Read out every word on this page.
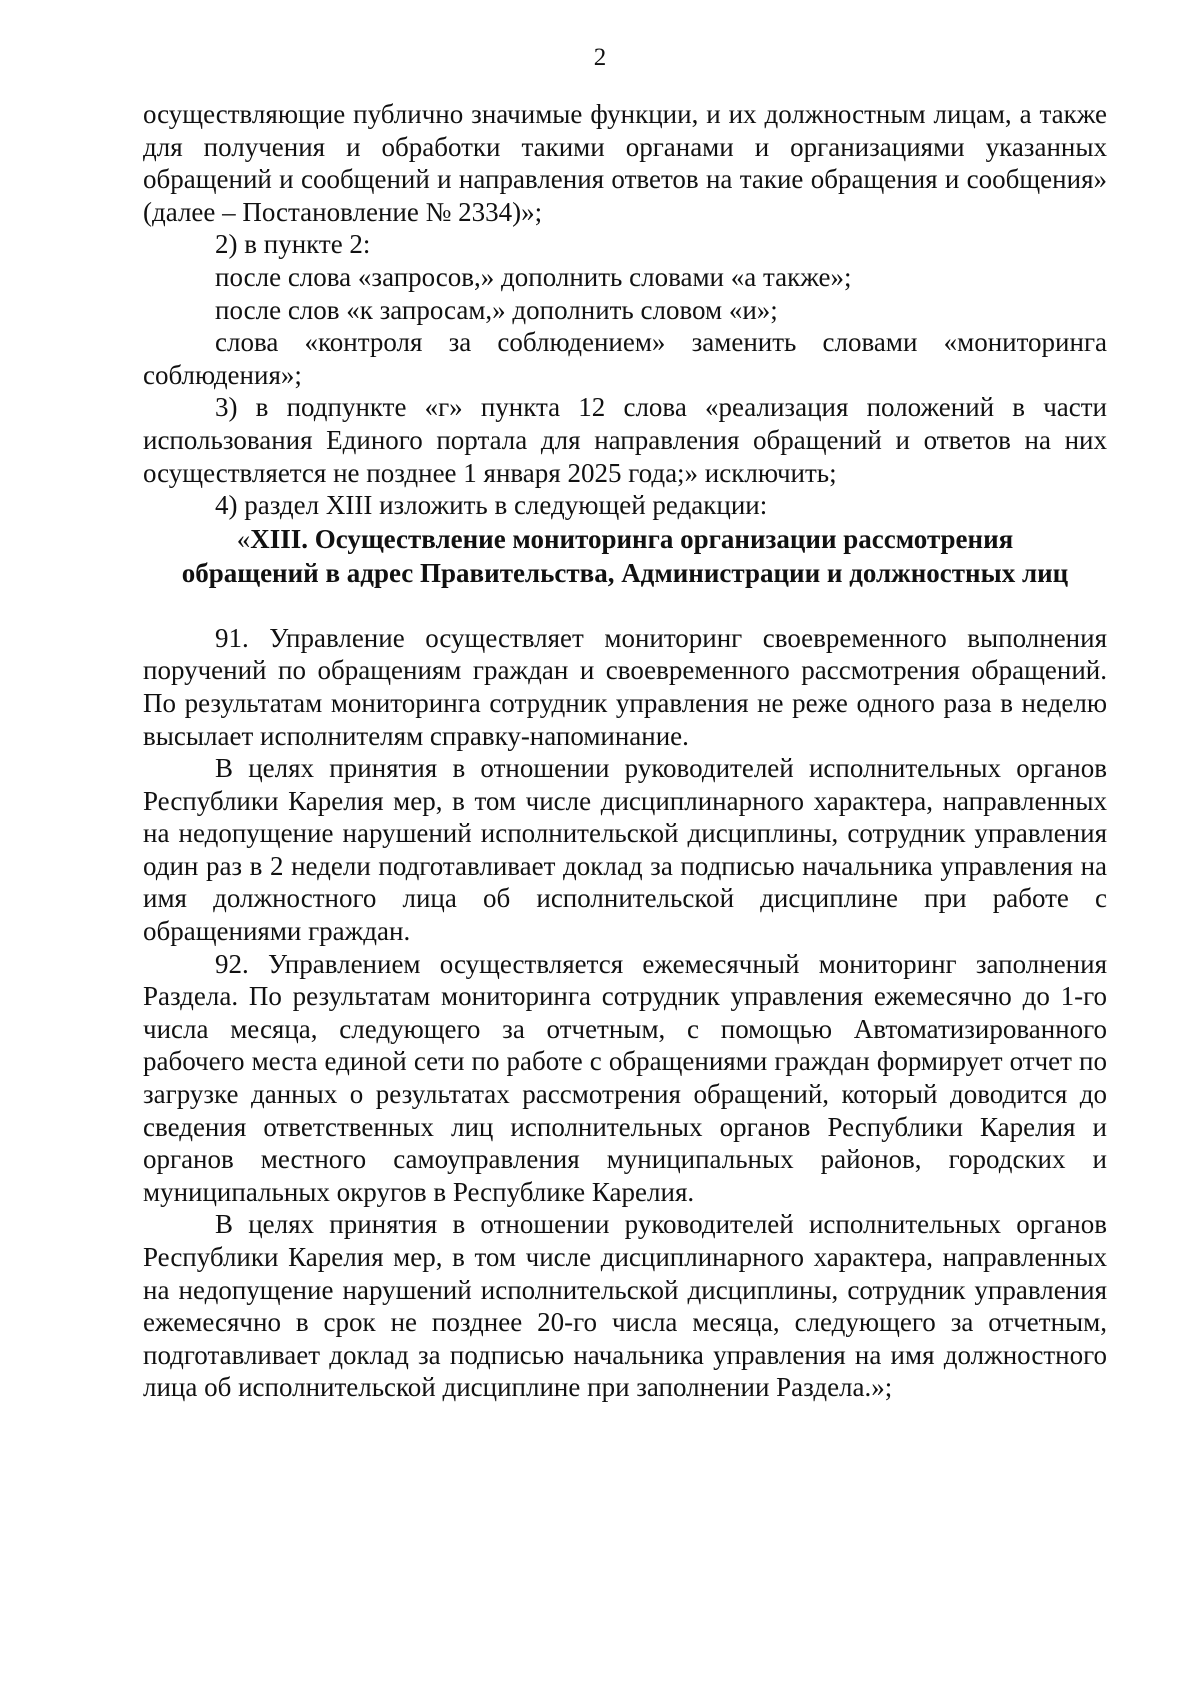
2

осуществляющие публично значимые функции, и их должностным лицам, а также для получения и обработки такими органами и организациями указанных обращений и сообщений и направления ответов на такие обращения и сообщения» (далее – Постановление № 2334)»;

2) в пункте 2:

после слова «запросов,» дополнить словами «а также»;

после слов «к запросам,» дополнить словом «и»;

слова «контроля за соблюдением» заменить словами «мониторинга соблюдения»;

3) в подпункте «г» пункта 12 слова «реализация положений в части использования Единого портала для направления обращений и ответов на них осуществляется не позднее 1 января 2025 года;» исключить;

4) раздел XIII изложить в следующей редакции:

«XIII. Осуществление мониторинга организации рассмотрения
обращений в адрес Правительства, Администрации и должностных лиц

91. Управление осуществляет мониторинг своевременного выполнения поручений по обращениям граждан и своевременного рассмотрения обращений. По результатам мониторинга сотрудник управления не реже одного раза в неделю высылает исполнителям справку-напоминание.

В целях принятия в отношении руководителей исполнительных органов Республики Карелия мер, в том числе дисциплинарного характера, направленных на недопущение нарушений исполнительской дисциплины, сотрудник управления один раз в 2 недели подготавливает доклад за подписью начальника управления на имя должностного лица об исполнительской дисциплине при работе с обращениями граждан.

92. Управлением осуществляется ежемесячный мониторинг заполнения Раздела. По результатам мониторинга сотрудник управления ежемесячно до 1-го числа месяца, следующего за отчетным, с помощью Автоматизированного рабочего места единой сети по работе с обращениями граждан формирует отчет по загрузке данных о результатах рассмотрения обращений, который доводится до сведения ответственных лиц исполнительных органов Республики Карелия и органов местного самоуправления муниципальных районов, городских и муниципальных округов в Республике Карелия.

В целях принятия в отношении руководителей исполнительных органов Республики Карелия мер, в том числе дисциплинарного характера, направленных на недопущение нарушений исполнительской дисциплины, сотрудник управления ежемесячно в срок не позднее 20-го числа месяца, следующего за отчетным, подготавливает доклад за подписью начальника управления на имя должностного лица об исполнительской дисциплине при заполнении Раздела.»;
